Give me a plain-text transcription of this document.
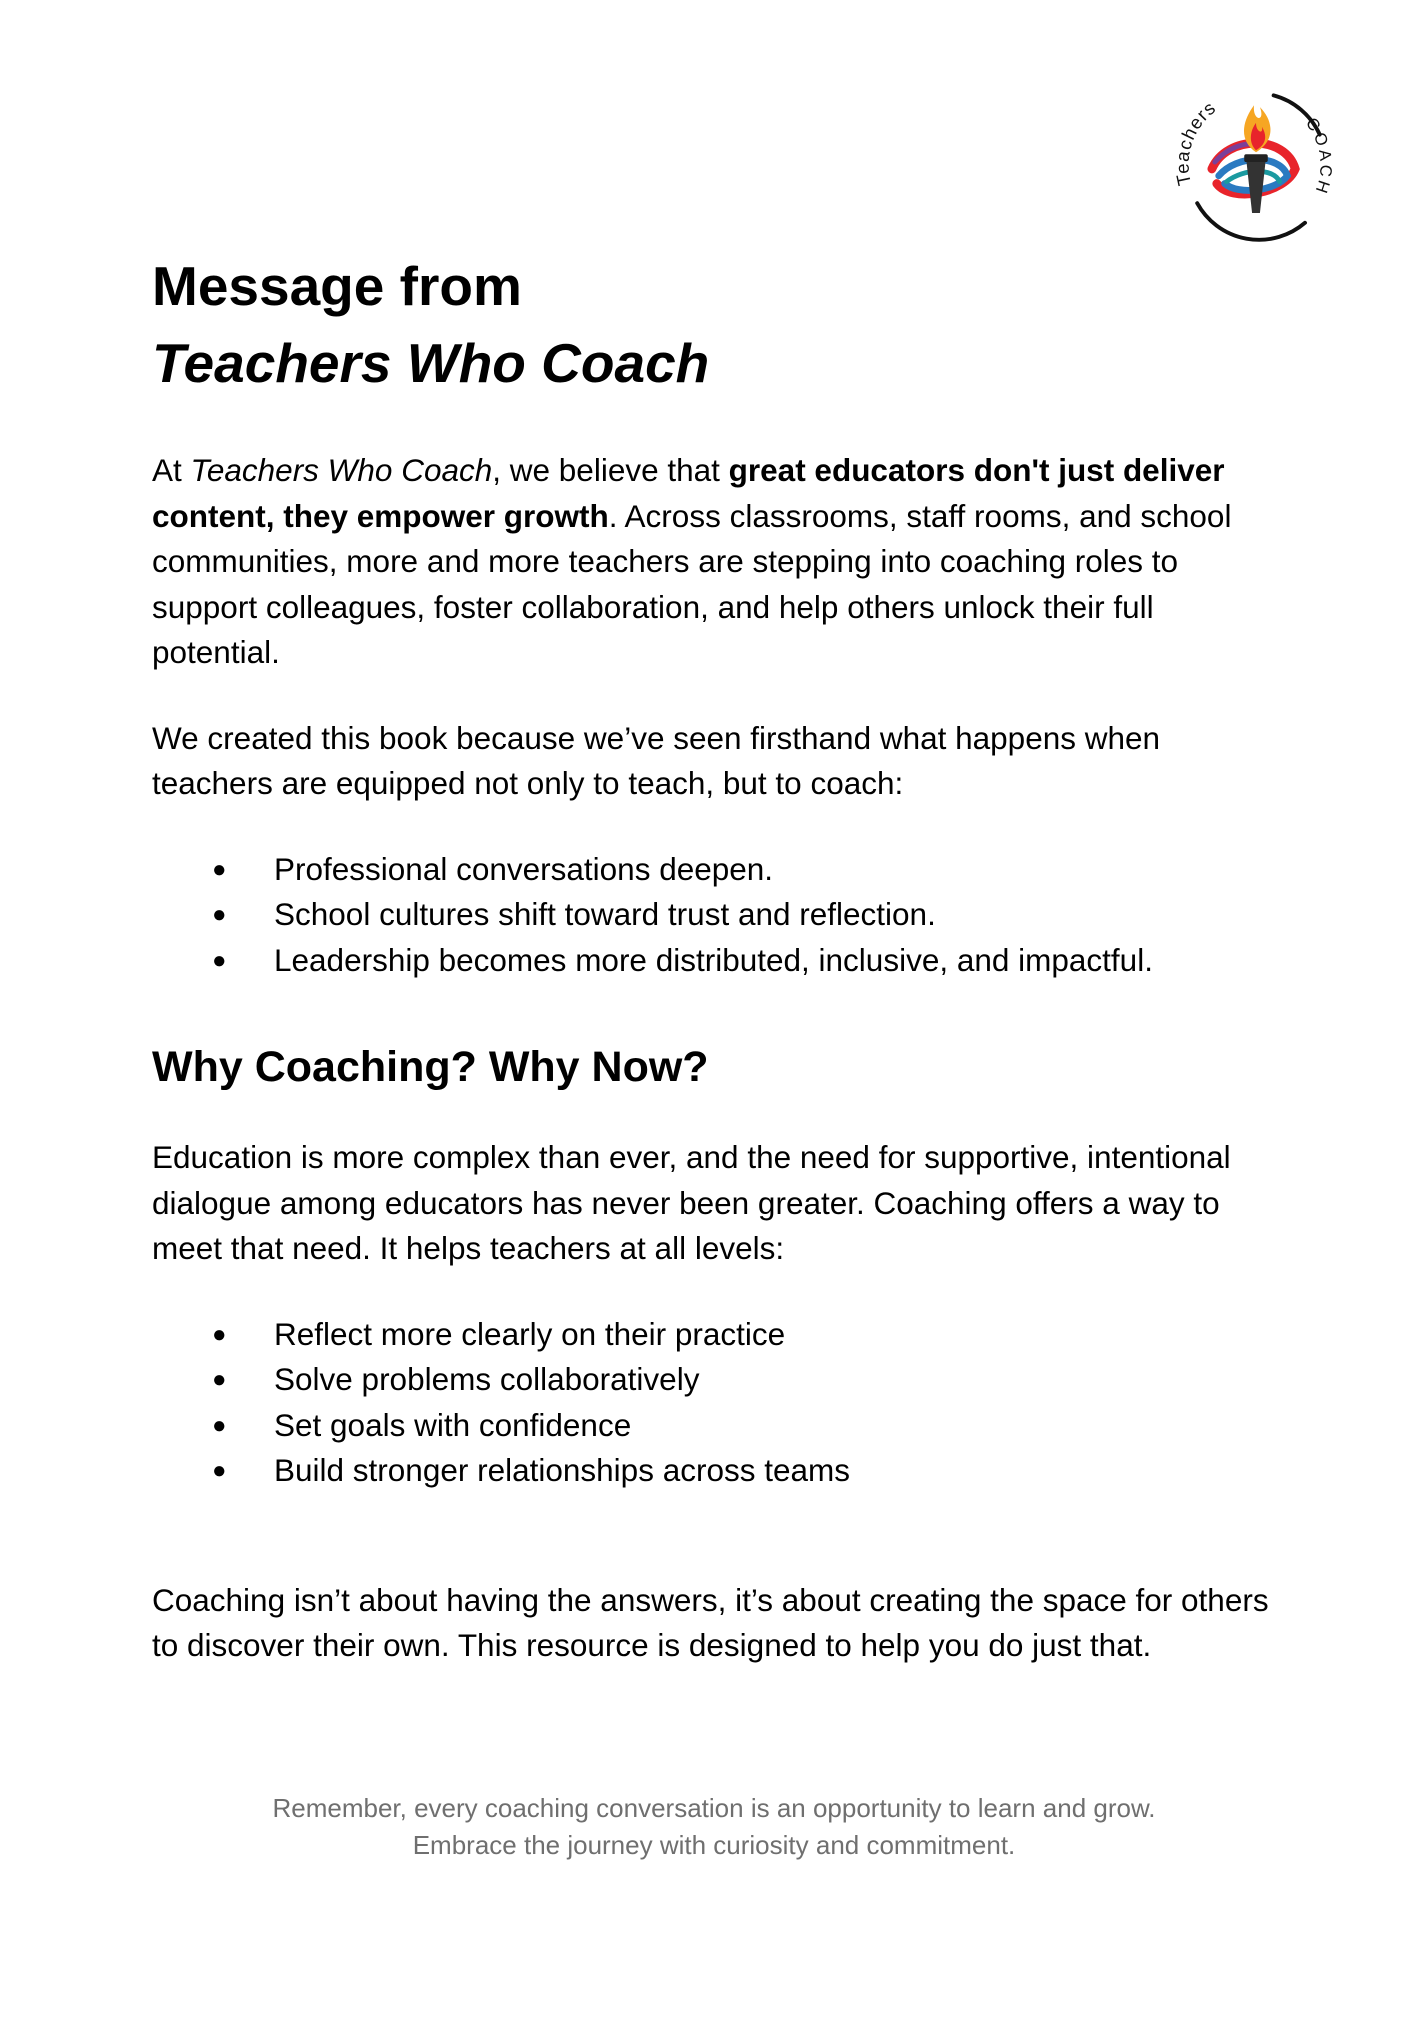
Teachers
COACH
Message from
Teachers Who Coach

At Teachers Who Coach, we believe that great educators don't just deliver content, they empower growth. Across classrooms, staff rooms, and school communities, more and more teachers are stepping into coaching roles to support colleagues, foster collaboration, and help others unlock their full potential.

We created this book because we’ve seen firsthand what happens when teachers are equipped not only to teach, but to coach:

● Professional conversations deepen.
● School cultures shift toward trust and reflection.
● Leadership becomes more distributed, inclusive, and impactful.
Why Coaching? Why Now?

Education is more complex than ever, and the need for supportive, intentional dialogue among educators has never been greater. Coaching offers a way to meet that need. It helps teachers at all levels:

● Reflect more clearly on their practice
● Solve problems collaboratively
● Set goals with confidence
● Build stronger relationships across teams

Coaching isn’t about having the answers, it’s about creating the space for others to discover their own. This resource is designed to help you do just that.

Remember, every coaching conversation is an opportunity to learn and grow.
Embrace the journey with curiosity and commitment.
